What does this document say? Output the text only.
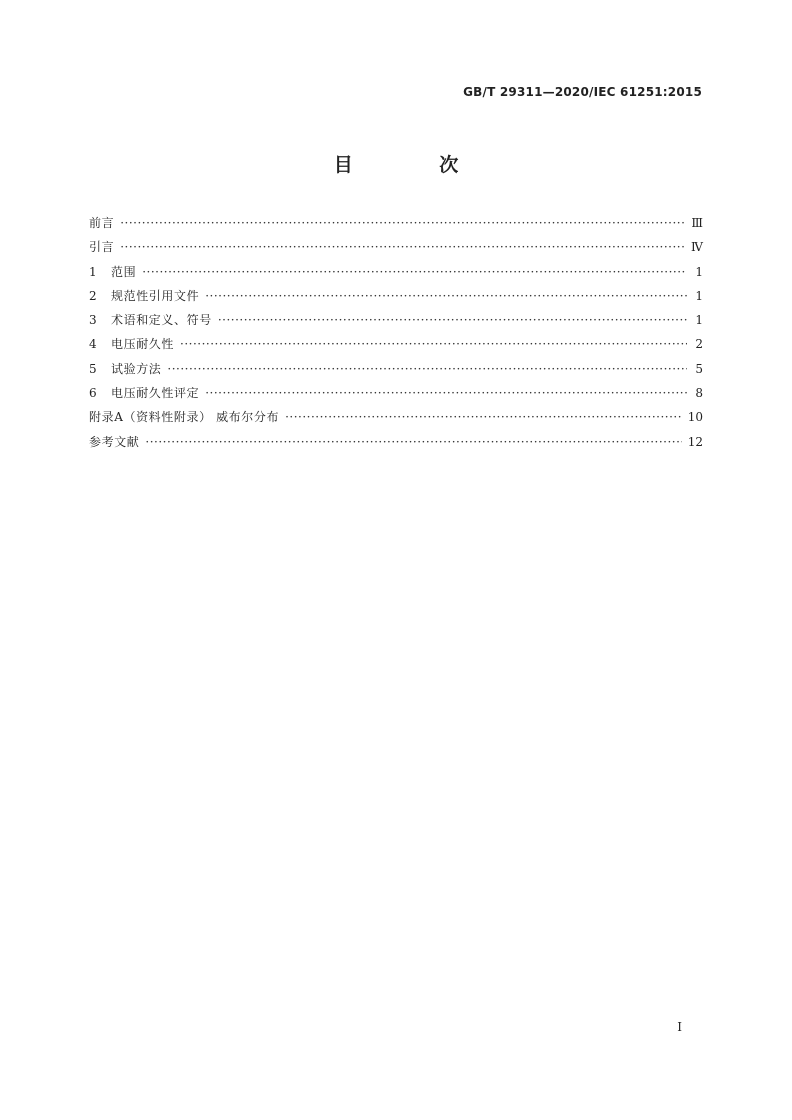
GB/T 29311—2020/IEC 61251:2015
目 次
前言 ·····	Ⅲ
引言 ·····	Ⅳ
1	范围 ·····	1
2	规范性引用文件 ·····	1
3	术语和定义、符号 ·····	1
4	电压耐久性 ·····	2
5	试验方法 ·····	5
6	电压耐久性评定 ·····	8
附录A（资料性附录） 威布尔分布 ·····	10
参考文献 ·····	12
I
